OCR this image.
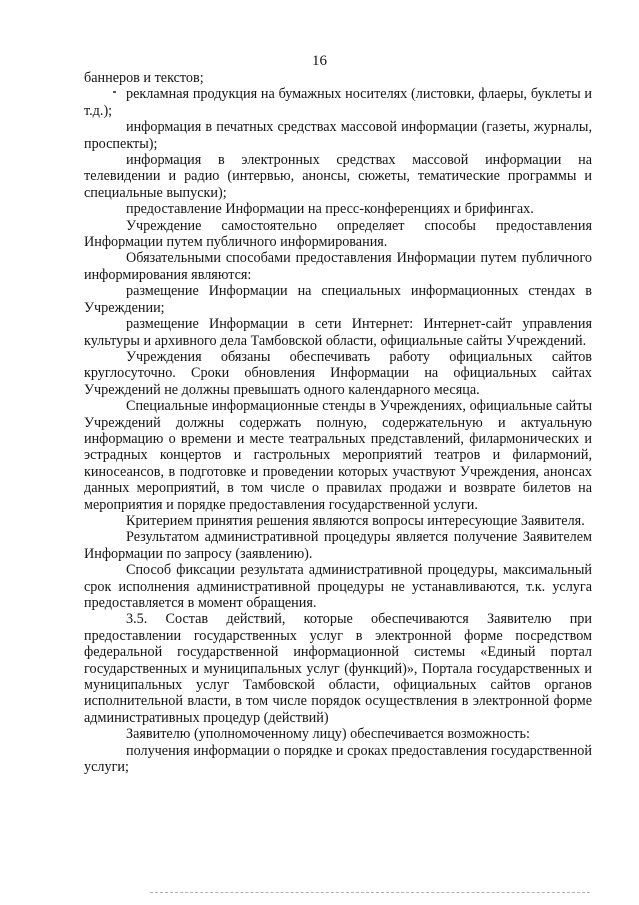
16

баннеров и текстов;

рекламная продукция на бумажных носителях (листовки, флаеры, буклеты и т.д.);

информация в печатных средствах массовой информации (газеты, журналы, проспекты);

информация в электронных средствах массовой информации на телевидении и радио (интервью, анонсы, сюжеты, тематические программы и специальные выпуски);

предоставление Информации на пресс-конференциях и брифингах.

Учреждение самостоятельно определяет способы предоставления Информации путем публичного информирования.

Обязательными способами предоставления Информации путем публичного информирования являются:

размещение Информации на специальных информационных стендах в Учреждении;

размещение Информации в сети Интернет: Интернет-сайт управления культуры и архивного дела Тамбовской области, официальные сайты Учреждений.

Учреждения обязаны обеспечивать работу официальных сайтов круглосуточно. Сроки обновления Информации на официальных сайтах Учреждений не должны превышать одного календарного месяца.

Специальные информационные стенды в Учреждениях, официальные сайты Учреждений должны содержать полную, содержательную и актуальную информацию о времени и месте театральных представлений, филармонических и эстрадных концертов и гастрольных мероприятий театров и филармоний, киносеансов, в подготовке и проведении которых участвуют Учреждения, анонсах данных мероприятий, в том числе о правилах продажи и возврате билетов на мероприятия и порядке предоставления государственной услуги.

Критерием принятия решения являются вопросы интересующие Заявителя.

Результатом административной процедуры является получение Заявителем Информации по запросу (заявлению).

Способ фиксации результата административной процедуры, максимальный срок исполнения административной процедуры не устанавливаются, т.к. услуга предоставляется в момент обращения.

3.5. Состав действий, которые обеспечиваются Заявителю при предоставлении государственных услуг в электронной форме посредством федеральной государственной информационной системы «Единый портал государственных и муниципальных услуг (функций)», Портала государственных и муниципальных услуг Тамбовской области, официальных сайтов органов исполнительной власти, в том числе порядок осуществления в электронной форме административных процедур (действий)

Заявителю (уполномоченному лицу) обеспечивается возможность:

получения информации о порядке и сроках предоставления государственной услуги;
